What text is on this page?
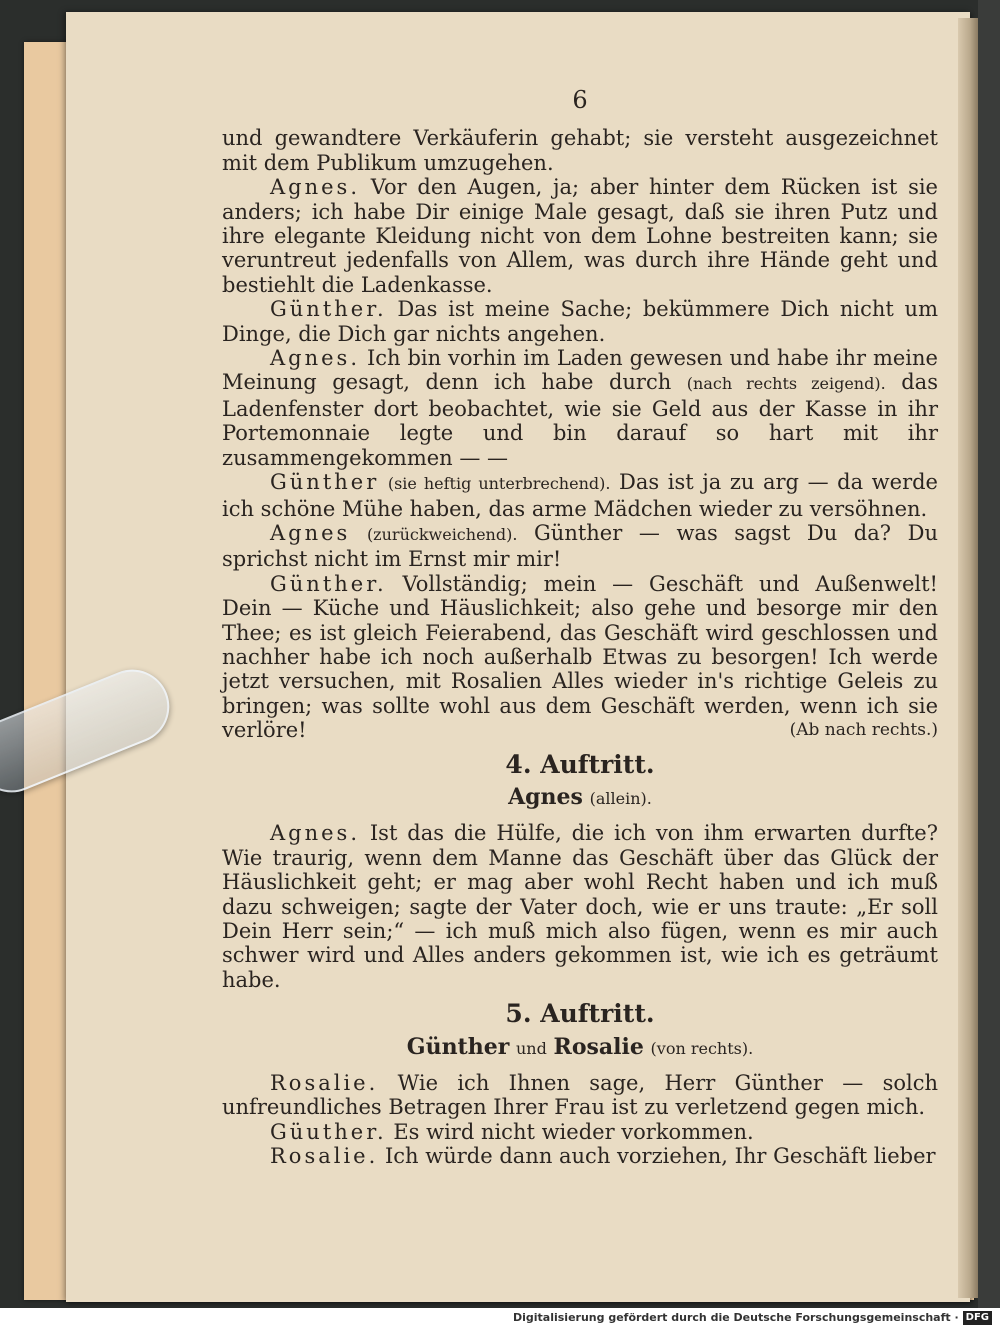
6

und gewandtere Verkäuferin gehabt; sie versteht ausgezeichnet mit dem Publikum umzugehen.

Agnes. Vor den Augen, ja; aber hinter dem Rücken ist sie anders; ich habe Dir einige Male gesagt, daß sie ihren Putz und ihre elegante Kleidung nicht von dem Lohne bestreiten kann; sie veruntreut jedenfalls von Allem, was durch ihre Hände geht und bestiehlt die Ladenkasse.

Günther. Das ist meine Sache; bekümmere Dich nicht um Dinge, die Dich gar nichts angehen.

Agnes. Ich bin vorhin im Laden gewesen und habe ihr meine Meinung gesagt, denn ich habe durch (nach rechts zeigend). das Ladenfenster dort beobachtet, wie sie Geld aus der Kasse in ihr Portemonnaie legte und bin darauf so hart mit ihr zusammengekommen — —

Günther (sie heftig unterbrechend). Das ist ja zu arg — da werde ich schöne Mühe haben, das arme Mädchen wieder zu versöhnen.

Agnes (zurückweichend). Günther — was sagst Du da? Du sprichst nicht im Ernst mir mir!

Günther. Vollständig; mein — Geschäft und Außenwelt! Dein — Küche und Häuslichkeit; also gehe und besorge mir den Thee; es ist gleich Feierabend, das Geschäft wird geschlossen und nachher habe ich noch außerhalb Etwas zu besorgen! Ich werde jetzt versuchen, mit Rosalien Alles wieder in's richtige Geleis zu bringen; was sollte wohl aus dem Geschäft werden, wenn ich sie verlöre!	(Ab nach rechts.)

4. Auftritt.
Agnes (allein).

Agnes. Ist das die Hülfe, die ich von ihm erwarten durfte? Wie traurig, wenn dem Manne das Geschäft über das Glück der Häuslichkeit geht; er mag aber wohl Recht haben und ich muß dazu schweigen; sagte der Vater doch, wie er uns traute: „Er soll Dein Herr sein;“ — ich muß mich also fügen, wenn es mir auch schwer wird und Alles anders gekommen ist, wie ich es geträumt habe.

5. Auftritt.
Günther und Rosalie (von rechts).

Rosalie. Wie ich Ihnen sage, Herr Günther — solch unfreundliches Betragen Ihrer Frau ist zu verletzend gegen mich.

Güuther. Es wird nicht wieder vorkommen.

Rosalie. Ich würde dann auch vorziehen, Ihr Geschäft lieber

Digitalisierung gefördert durch die Deutsche Forschungsgemeinschaft · DFG
